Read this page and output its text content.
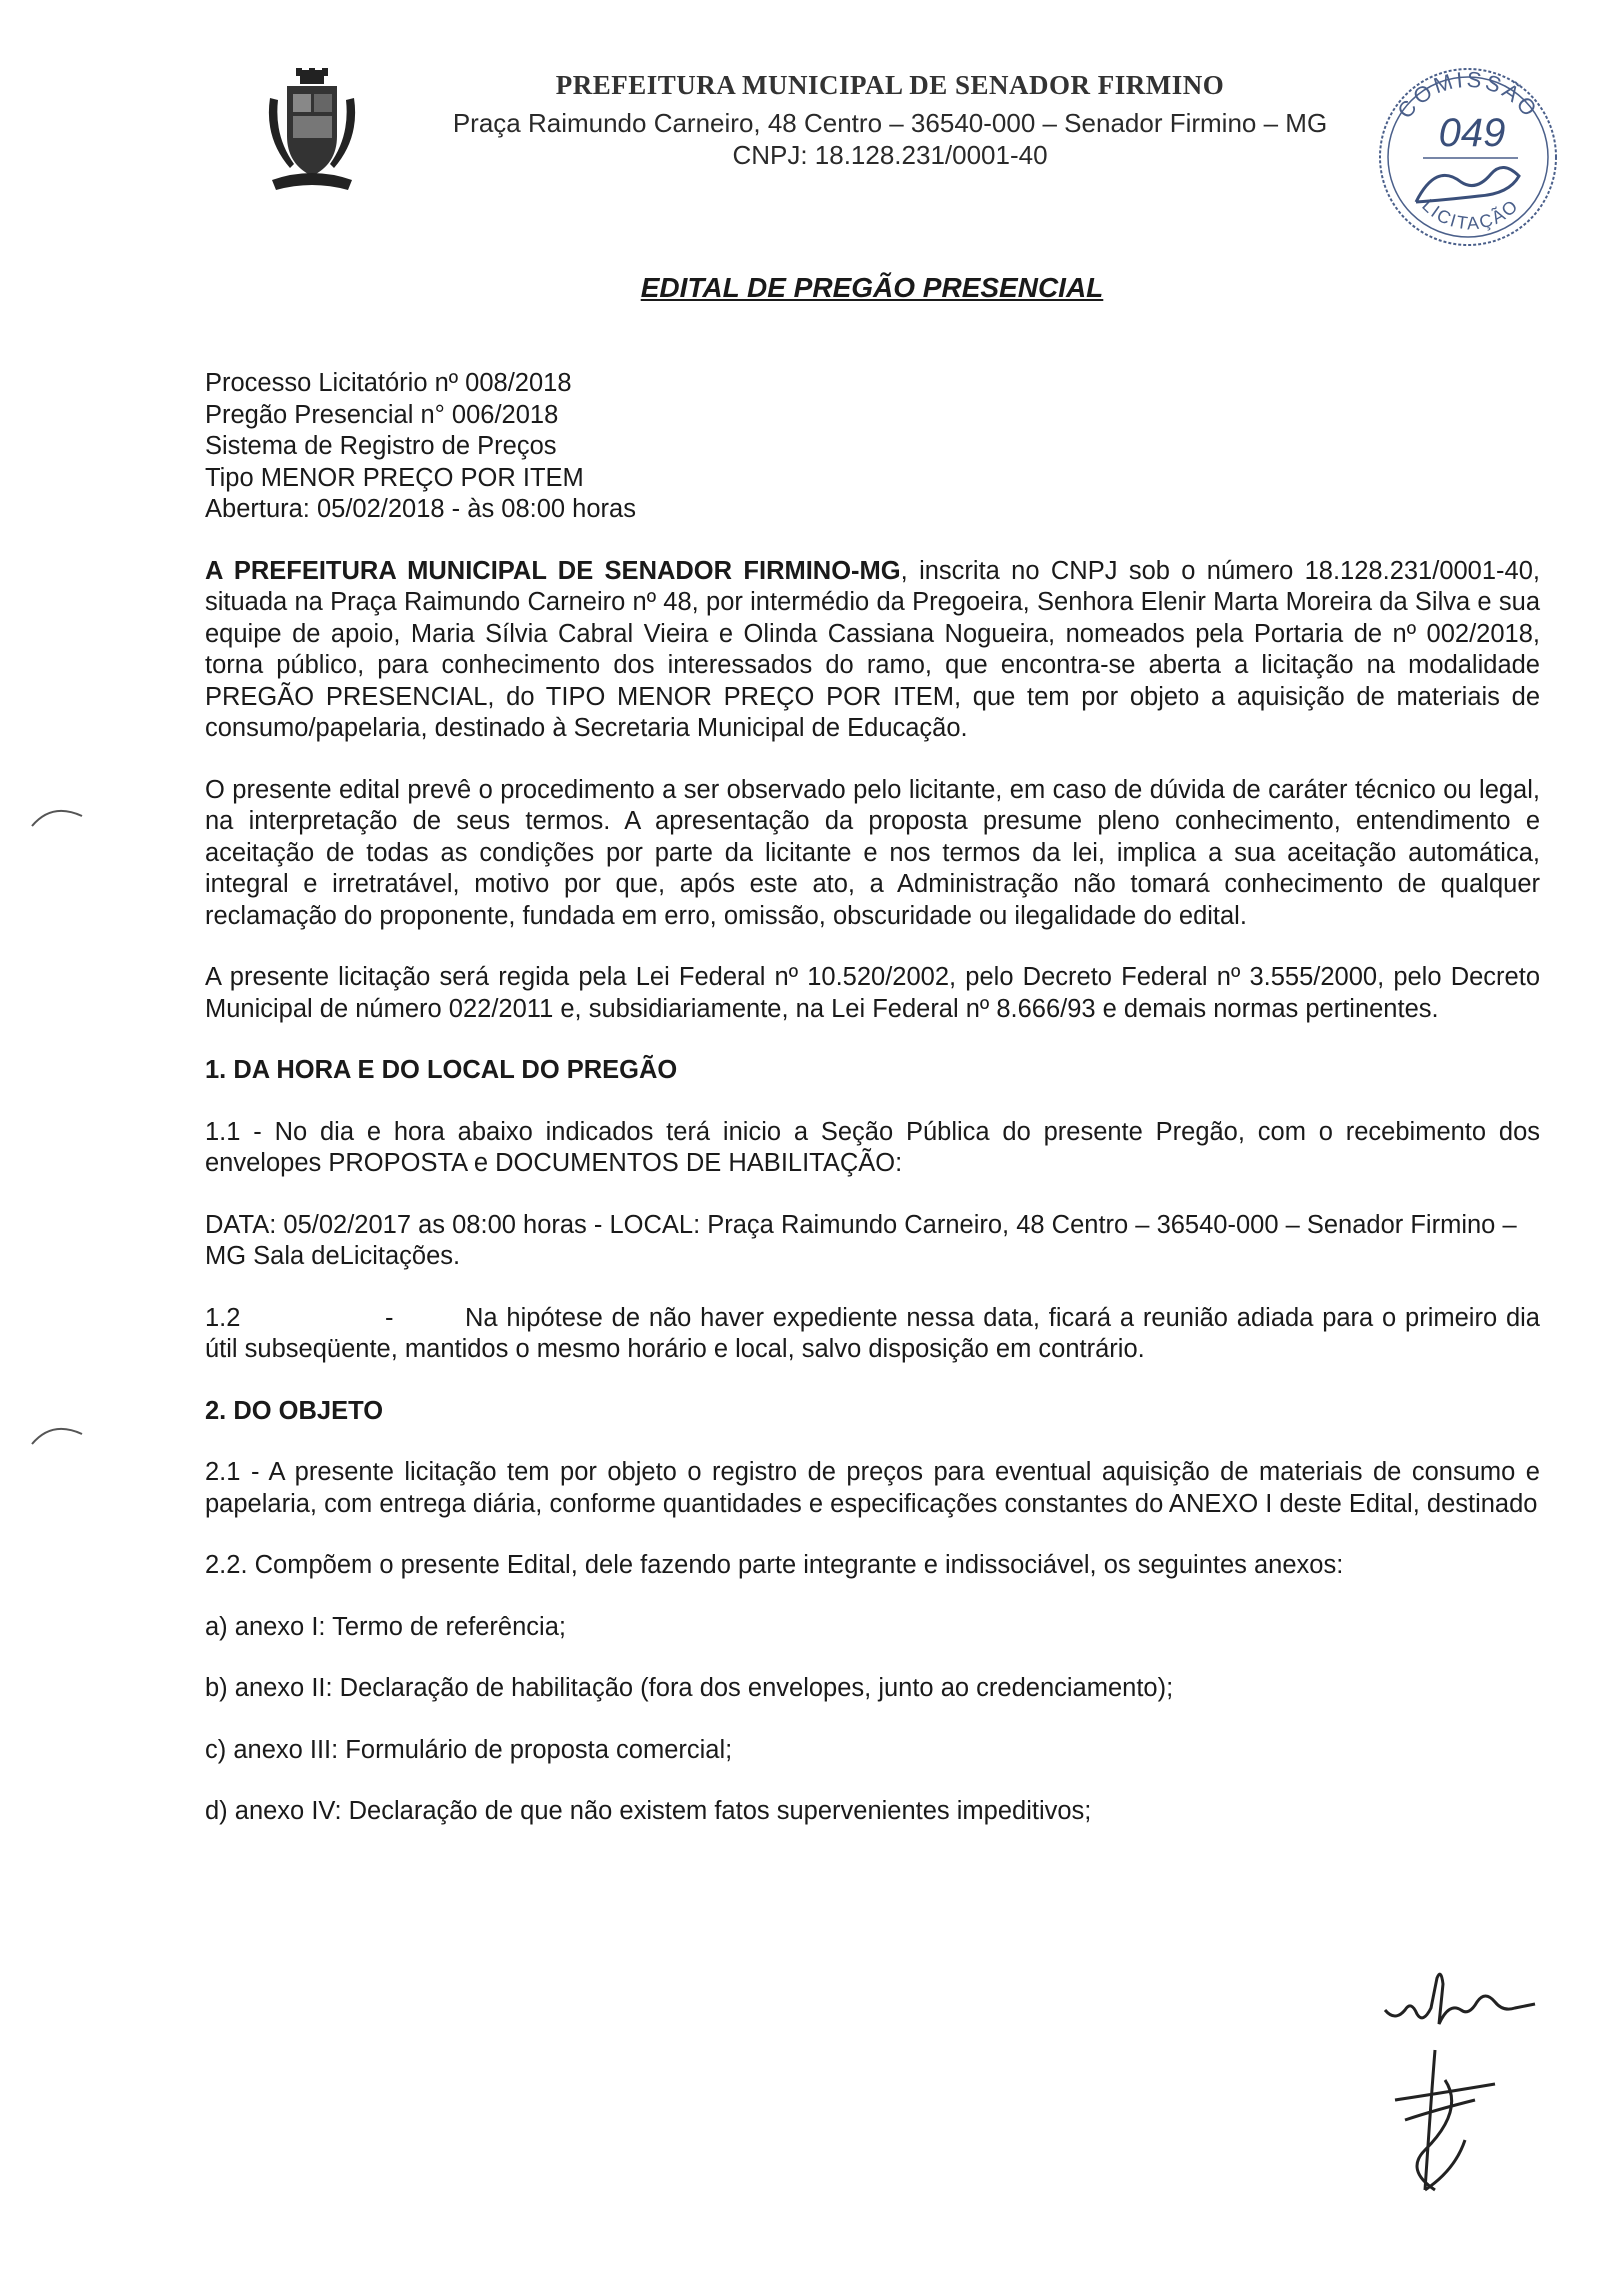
PREFEITURA MUNICIPAL DE SENADOR FIRMINO
Praça Raimundo Carneiro, 48 Centro – 36540-000 – Senador Firmino – MG
CNPJ: 18.128.231/0001-40
COMISSÃO
LICITAÇÃO
049
EDITAL DE PREGÃO PRESENCIAL

Processo Licitatório nº 008/2018

Pregão Presencial n° 006/2018

Sistema de Registro de Preços

Tipo MENOR PREÇO POR ITEM

Abertura: 05/02/2018 - às 08:00 horas

A PREFEITURA MUNICIPAL DE SENADOR FIRMINO-MG, inscrita no CNPJ sob o número 18.128.231/0001-40, situada na Praça Raimundo Carneiro nº 48, por intermédio da Pregoeira, Senhora Elenir Marta Moreira da Silva e sua equipe de apoio, Maria Sílvia Cabral Vieira e Olinda Cassiana Nogueira, nomeados pela Portaria de nº 002/2018, torna público, para conhecimento dos interessados do ramo, que encontra-se aberta a licitação na modalidade PREGÃO PRESENCIAL, do TIPO MENOR PREÇO POR ITEM, que tem por objeto a aquisição de materiais de consumo/papelaria, destinado à Secretaria Municipal de Educação.

O presente edital prevê o procedimento a ser observado pelo licitante, em caso de dúvida de caráter técnico ou legal, na interpretação de seus termos. A apresentação da proposta presume pleno conhecimento, entendimento e aceitação de todas as condições por parte da licitante e nos termos da lei, implica a sua aceitação automática, integral e irretratável, motivo por que, após este ato, a Administração não tomará conhecimento de qualquer reclamação do proponente, fundada em erro, omissão, obscuridade ou ilegalidade do edital.

A presente licitação será regida pela Lei Federal nº 10.520/2002, pelo Decreto Federal nº 3.555/2000, pelo Decreto Municipal de número 022/2011 e, subsidiariamente, na Lei Federal nº 8.666/93 e demais normas pertinentes.

1. DA HORA E DO LOCAL DO PREGÃO

1.1 - No dia e hora abaixo indicados terá inicio a Seção Pública do presente Pregão, com o recebimento dos envelopes PROPOSTA e DOCUMENTOS DE HABILITAÇÃO:

DATA: 05/02/2017 as 08:00 horas - LOCAL: Praça Raimundo Carneiro, 48 Centro – 36540-000 – Senador Firmino – MG Sala deLicitações.

1.2	-	Na hipótese de não haver expediente nessa data, ficará a reunião adiada para o primeiro dia útil subseqüente, mantidos o mesmo horário e local, salvo disposição em contrário.

2. DO OBJETO

2.1 - A presente licitação tem por objeto o registro de preços para eventual aquisição de materiais de consumo e papelaria, com entrega diária, conforme quantidades e especificações constantes do ANEXO I deste Edital, destinado

2.2. Compõem o presente Edital, dele fazendo parte integrante e indissociável, os seguintes anexos:

a) anexo I: Termo de referência;

b) anexo II: Declaração de habilitação (fora dos envelopes, junto ao credenciamento);

c) anexo III: Formulário de proposta comercial;

d) anexo IV: Declaração de que não existem fatos supervenientes impeditivos;
